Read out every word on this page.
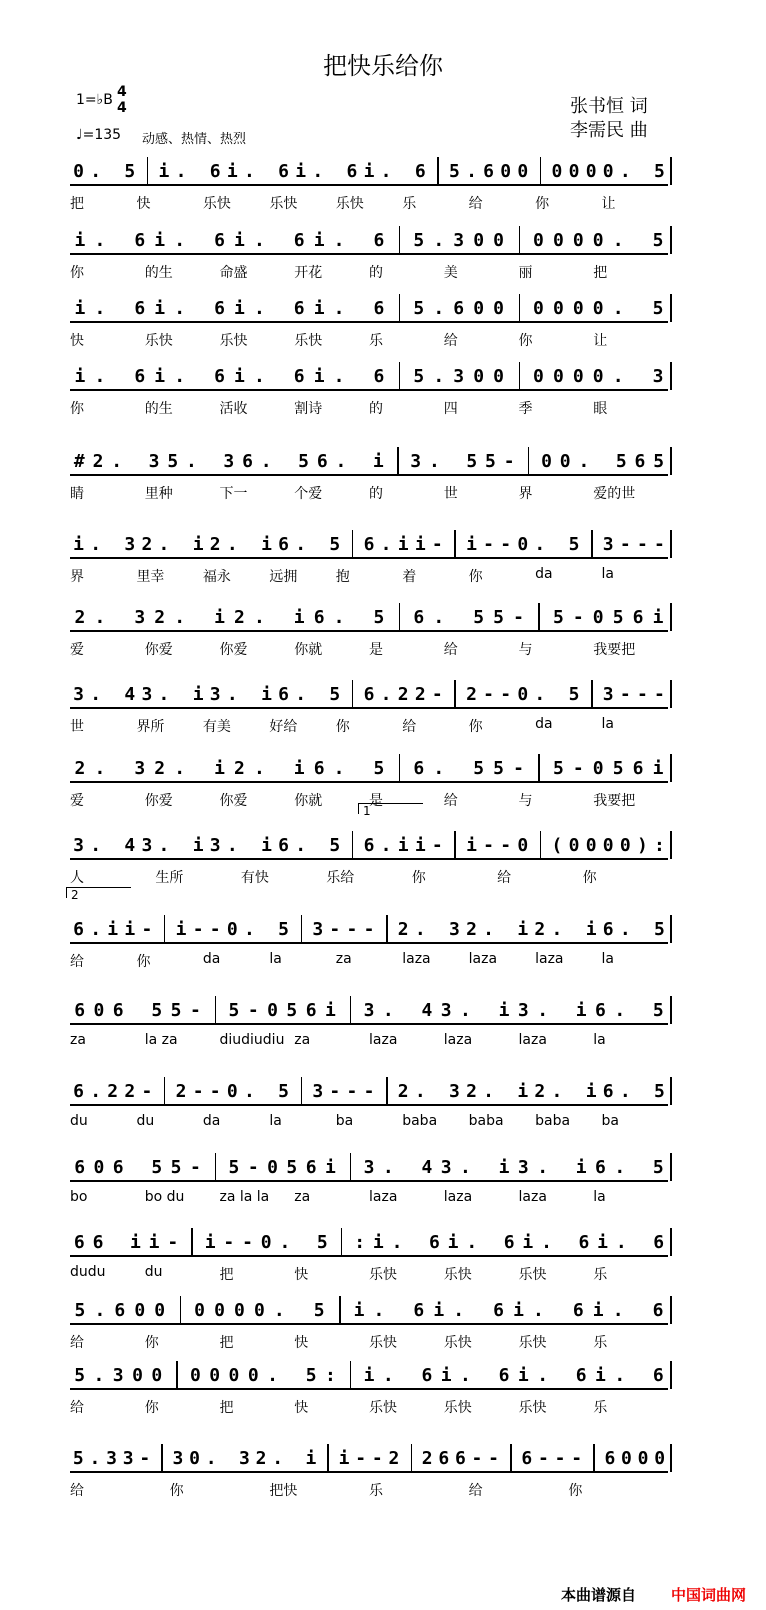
把快乐给你
1=♭B 4
4
♩=135 动感、热情、热烈
张书恒 词
李需民 曲
0 .	5	i .	6 i .	6 i .	6 i .	6	5 . 6 0 0	0 0 0 0 .	5
把	快	乐快	乐快	乐快	乐	给	你	让
i .	6 i .	6 i .	6 i .	6	5 . 3 0 0	0 0 0 0 .	5
你	的生	命盛	开花	的	美	丽	把
i .	6 i .	6 i .	6 i .	6	5 . 6 0 0	0 0 0 0 .	5
快	乐快	乐快	乐快	乐	给	你	让
i .	6 i .	6 i .	6 i .	6	5 . 3 0 0	0 0 0 0 .	3
你	的生	活收	割诗	的	四	季	眼
# 2 .	3 5 .	3 6 .	5 6 .	i	3 .	5 5 -	0 0 .	5 6 5
睛	里种	下一	个爱	的	世	界	爱的世
i .	3 2 .	i 2 .	i 6 .	5	6 . i i -	i - - 0 .	5	3 - - -
界	里幸	福永	远拥	抱	着	你	da	la
2 .	3 2 .	i 2 .	i 6 .	5	6 .	5 5 -	5 - 0 5 6 i
爱	你爱	你爱	你就	是	给	与	我要把
3 .	4 3 .	i 3 .	i 6 .	5	6 . 2 2 -	2 - - 0 .	5	3 - - -
世	界所	有美	好给	你	给	你	da	la
2 .	3 2 .	i 2 .	i 6 .	5	6 .	5 5 -	5 - 0 5 6 i
爱	你爱	你爱	你就	是	给	与	我要把
3 .	4 3 .	i 3 .	i 6 .	5	6 . i i -	i - - 0	( 0 0 0 0 ) :
1
人	生所	有快	乐给	你	给	你
6 . i i -	i - - 0 .	5	3 - - -	2 .	3 2 .	i 2 .	i 6 .	5
2
给	你	da	la	za	laza	laza	laza	la
6 0 6	5 5 -	5 - 0 5 6 i	3 .	4 3 .	i 3 .	i 6 .	5
za	la za	diudiudiu za	laza	laza	laza	la
6 . 2 2 -	2 - - 0 .	5	3 - - -	2 .	3 2 .	i 2 .	i 6 .	5
du	du	da	la	ba	baba baba baba ba
6 0 6	5 5 -	5 - 0 5 6 i	3 .	4 3 .	i 3 .	i 6 .	5
bo	bo du	za la la za	laza	laza	laza	la
6 6	i i -	i - - 0 .	5	: i .	6 i .	6 i .	6 i .	6
dudu	du	把	快	乐快	乐快	乐快	乐
5 . 6 0 0	0 0 0 0 .	5	i .	6 i .	6 i .	6 i .	6
给	你	把	快	乐快	乐快	乐快	乐
5 . 3 0 0	0 0 0 0 .	5 :	i .	6 i .	6 i .	6 i .	6
给	你	把	快	乐快	乐快	乐快	乐
5 . 3 3 -	3 0 .	3 2 .	i	i - - 2	2 6 6 - -	6 - - -	6 0 0 0
给	你	把快	乐	给	你
本曲谱源自 中国词曲网
